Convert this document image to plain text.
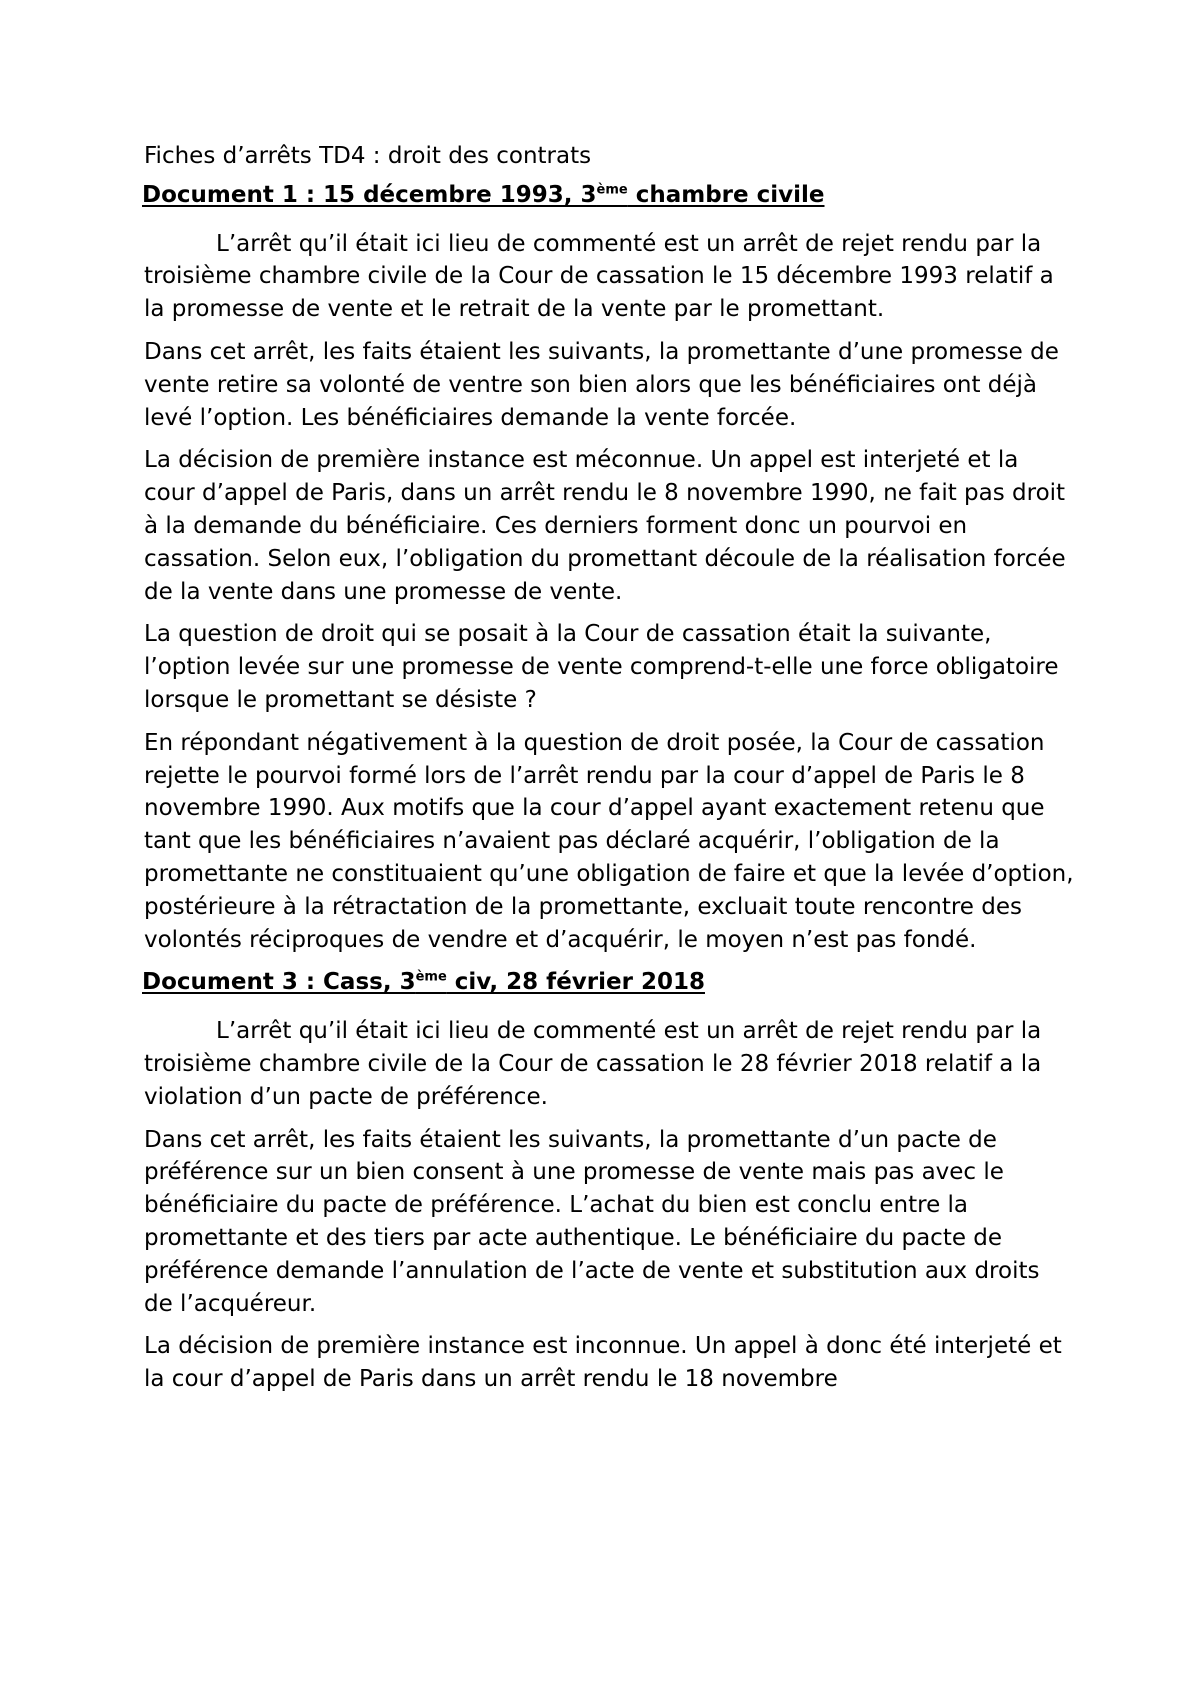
Fiches d’arrêts TD4 : droit des contrats
Document 1 : 15 décembre 1993, 3ème chambre civile

L’arrêt qu’il était ici lieu de commenté est un arrêt de rejet rendu par la troisième chambre civile de la Cour de cassation le 15 décembre 1993 relatif a la promesse de vente et le retrait de la vente par le promettant.

Dans cet arrêt, les faits étaient les suivants, la promettante d’une promesse de vente retire sa volonté de ventre son bien alors que les bénéficiaires ont déjà levé l’option. Les bénéficiaires demande la vente forcée.

La décision de première instance est méconnue. Un appel est interjeté et la cour d’appel de Paris, dans un arrêt rendu le 8 novembre 1990, ne fait pas droit à la demande du bénéficiaire. Ces derniers forment donc un pourvoi en cassation. Selon eux, l’obligation du promettant découle de la réalisation forcée de la vente dans une promesse de vente.

La question de droit qui se posait à la Cour de cassation était la suivante, l’option levée sur une promesse de vente comprend-t-elle une force obligatoire lorsque le promettant se désiste ?

En répondant négativement à la question de droit posée, la Cour de cassation rejette le pourvoi formé lors de l’arrêt rendu par la cour d’appel de Paris le 8 novembre 1990. Aux motifs que la cour d’appel ayant exactement retenu que tant que les bénéficiaires n’avaient pas déclaré acquérir, l’obligation de la promettante ne constituaient qu’une obligation de faire et que la levée d’option, postérieure à la rétractation de la promettante, excluait toute rencontre des volontés réciproques de vendre et d’acquérir, le moyen n’est pas fondé.

Document 3 : Cass, 3ème civ, 28 février 2018

L’arrêt qu’il était ici lieu de commenté est un arrêt de rejet rendu par la troisième chambre civile de la Cour de cassation le 28 février 2018 relatif a la violation d’un pacte de préférence.

Dans cet arrêt, les faits étaient les suivants, la promettante d’un pacte de préférence sur un bien consent à une promesse de vente mais pas avec le bénéficiaire du pacte de préférence. L’achat du bien est conclu entre la promettante et des tiers par acte authentique. Le bénéficiaire du pacte de préférence demande l’annulation de l’acte de vente et substitution aux droits de l’acquéreur.

La décision de première instance est inconnue. Un appel à donc été interjeté et la cour d’appel de Paris dans un arrêt rendu le 18 novembre
